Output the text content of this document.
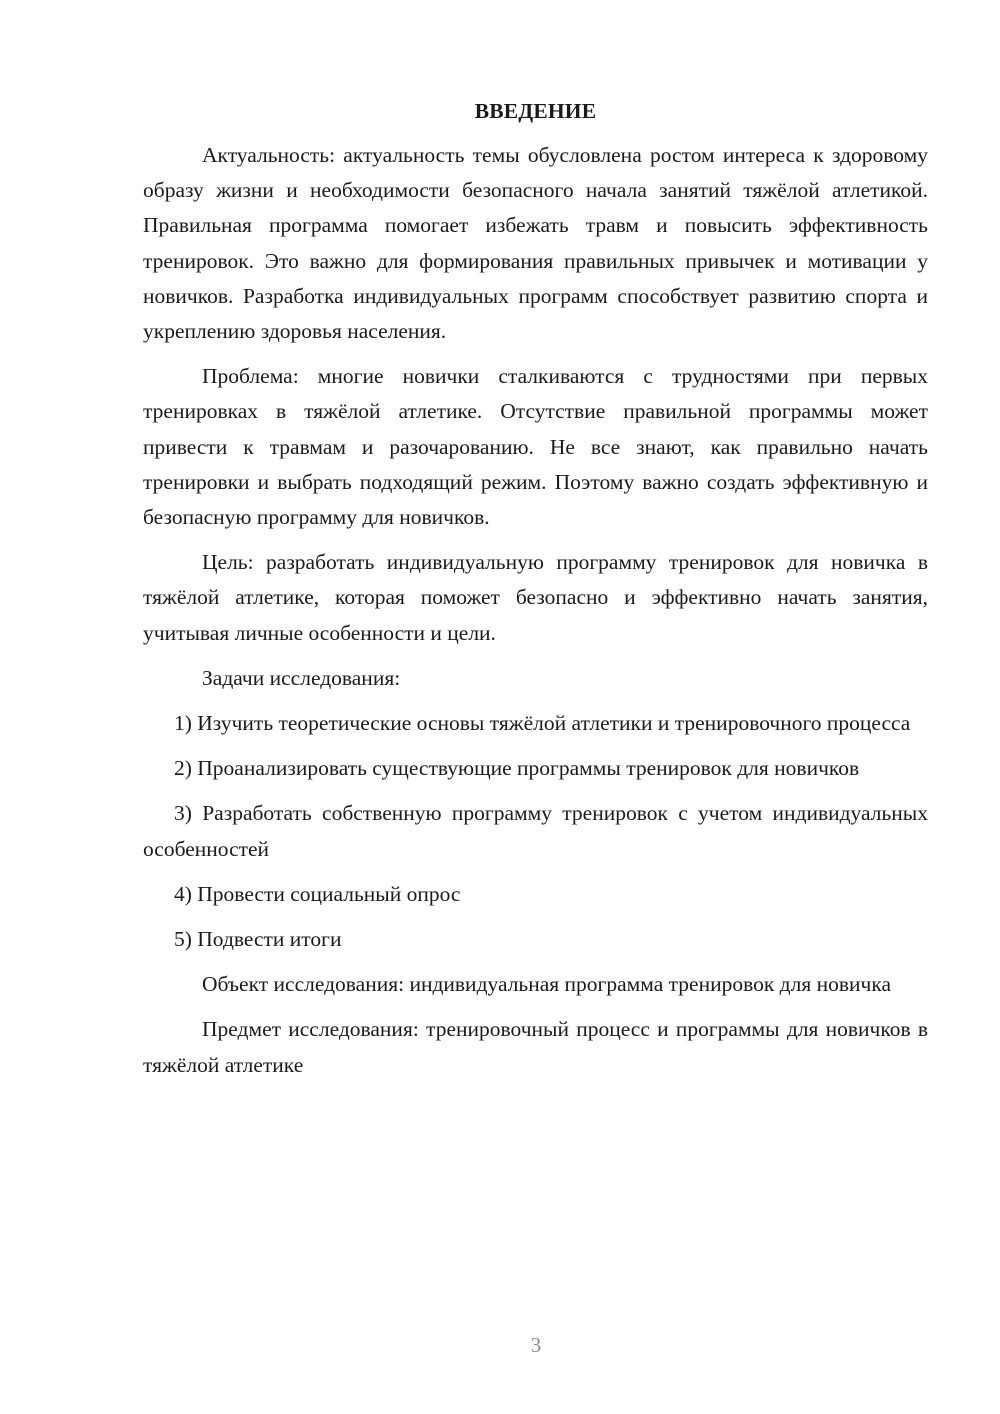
ВВЕДЕНИЕ

Актуальность: актуальность темы обусловлена ростом интереса к здоровому образу жизни и необходимости безопасного начала занятий тяжёлой атлетикой. Правильная программа помогает избежать травм и повысить эффективность тренировок. Это важно для формирования правильных привычек и мотивации у новичков. Разработка индивидуальных программ способствует развитию спорта и укреплению здоровья населения.

Проблема: многие новички сталкиваются с трудностями при первых тренировках в тяжёлой атлетике. Отсутствие правильной программы может привести к травмам и разочарованию. Не все знают, как правильно начать тренировки и выбрать подходящий режим. Поэтому важно создать эффективную и безопасную программу для новичков.

Цель: разработать индивидуальную программу тренировок для новичка в тяжёлой атлетике, которая поможет безопасно и эффективно начать занятия, учитывая личные особенности и цели.

Задачи исследования:

1) Изучить теоретические основы тяжёлой атлетики и тренировочного процесса

2) Проанализировать существующие программы тренировок для новичков

3) Разработать собственную программу тренировок с учетом индивидуальных особенностей

4) Провести социальный опрос

5) Подвести итоги

Объект исследования: индивидуальная программа тренировок для новичка

Предмет исследования: тренировочный процесс и программы для новичков в тяжёлой атлетике

3
